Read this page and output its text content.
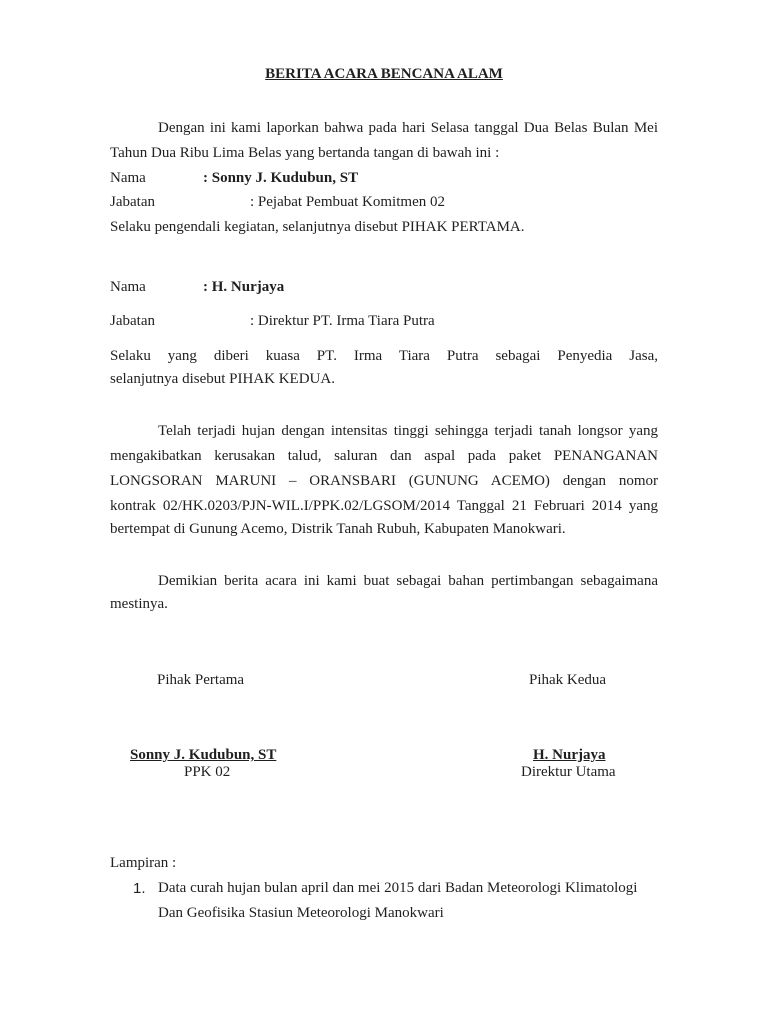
BERITA ACARA BENCANA ALAM
Dengan ini kami laporkan bahwa pada hari Selasa tanggal Dua Belas Bulan Mei
Tahun Dua Ribu Lima Belas yang bertanda tangan di bawah ini :
Nama	: Sonny J. Kudubun, ST
Jabatan	: Pejabat Pembuat Komitmen 02
Selaku pengendali kegiatan, selanjutnya disebut PIHAK PERTAMA.
Nama	: H. Nurjaya
Jabatan	: Direktur PT. Irma Tiara Putra
Selaku yang diberi kuasa PT. Irma Tiara Putra sebagai Penyedia Jasa,
selanjutnya disebut PIHAK KEDUA.
Telah terjadi hujan dengan intensitas tinggi sehingga terjadi tanah longsor yang
mengakibatkan kerusakan talud, saluran dan aspal pada paket PENANGANAN
LONGSORAN MARUNI – ORANSBARI (GUNUNG ACEMO) dengan nomor
kontrak 02/HK.0203/PJN-WIL.I/PPK.02/LGSOM/2014 Tanggal 21 Februari 2014 yang
bertempat di Gunung Acemo, Distrik Tanah Rubuh, Kabupaten Manokwari.
Demikian berita acara ini kami buat sebagai bahan pertimbangan sebagaimana
mestinya.
Pihak Pertama	Pihak Kedua
Sonny J. Kudubun, ST
PPK 02
H. Nurjaya
Direktur Utama
Lampiran :
1. Data curah hujan bulan april dan mei 2015 dari Badan Meteorologi Klimatologi
Dan Geofisika Stasiun Meteorologi Manokwari
